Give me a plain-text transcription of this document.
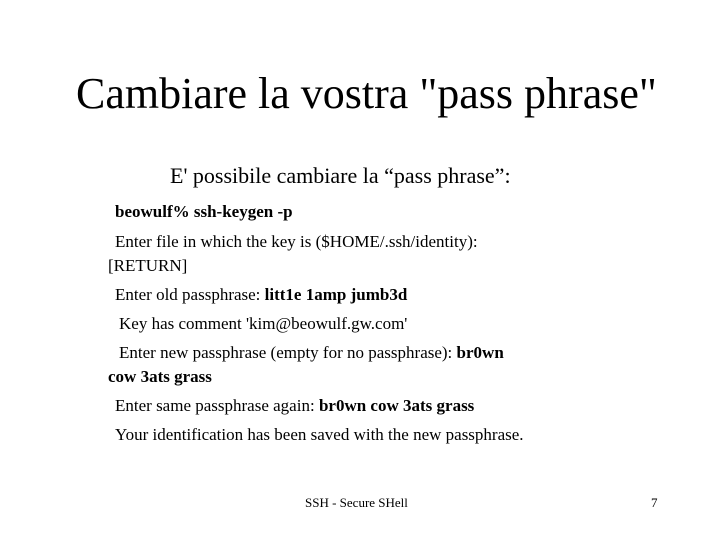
Cambiare la vostra "pass phrase"
E' possibile cambiare la “pass phrase”:
beowulf% ssh-keygen -p
Enter file in which the key is ($HOME/.ssh/identity):
[RETURN]
Enter old passphrase: litt1e 1amp jumb3d
Key has comment 'kim@beowulf.gw.com'
Enter new passphrase (empty for no passphrase): br0wn
cow 3ats grass
Enter same passphrase again: br0wn cow 3ats grass
Your identification has been saved with the new passphrase.
SSH - Secure SHell	7
